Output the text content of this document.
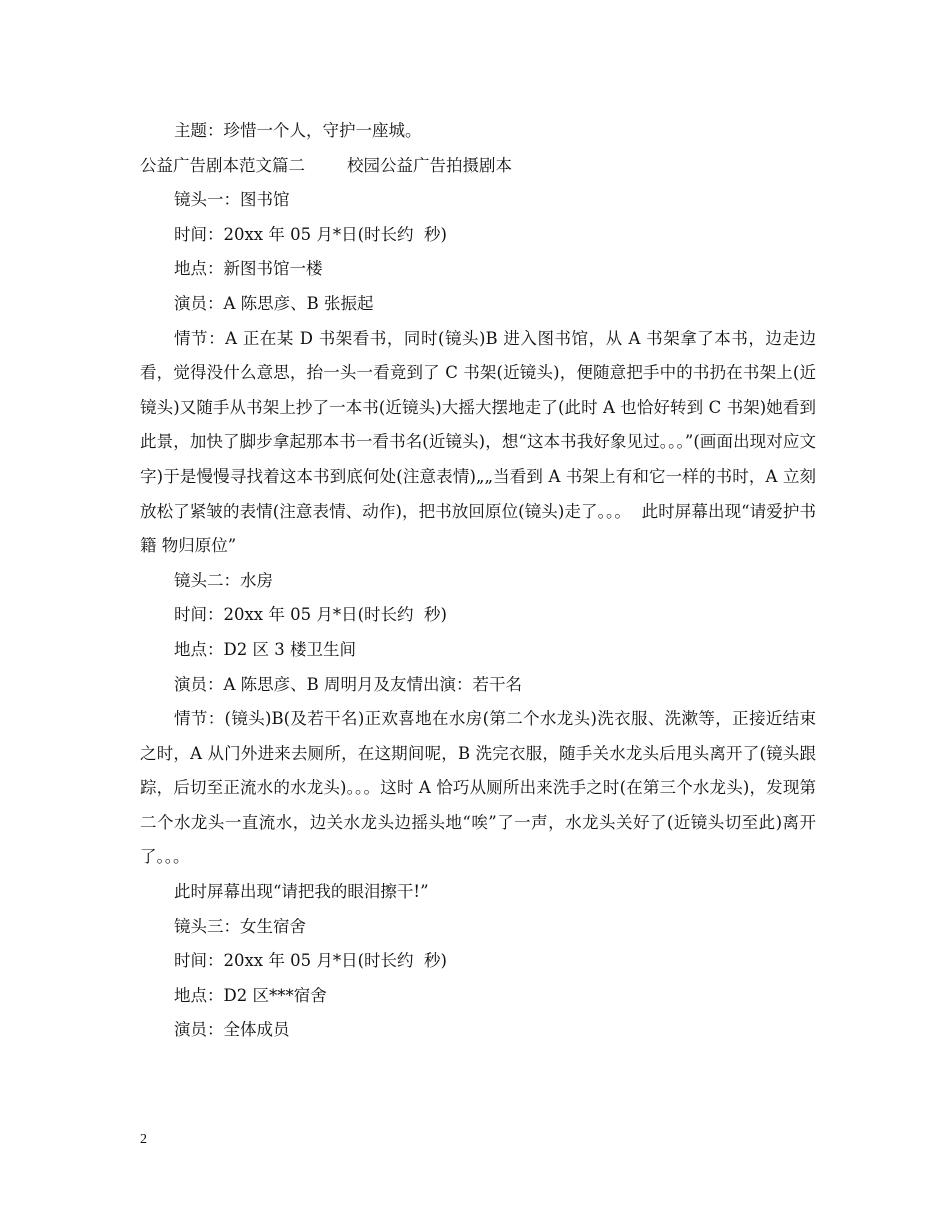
主题：珍惜一个人，守护一座城。

公益广告剧本范文篇二        校园公益广告拍摄剧本

镜头一：图书馆

时间：20xx 年 05 月*日(时长约  秒)

地点：新图书馆一楼

演员：A 陈思彦、B 张振起

情节：A 正在某 D 书架看书，同时(镜头)B 进入图书馆，从 A 书架拿了本书，边走边看，觉得没什么意思，抬一头一看竟到了 C 书架(近镜头)，便随意把手中的书扔在书架上(近镜头)又随手从书架上抄了一本书(近镜头)大摇大摆地走了(此时 A 也恰好转到 C 书架)她看到此景，加快了脚步拿起那本书一看书名(近镜头)，想“这本书我好象见过。。。”(画面出现对应文字)于是慢慢寻找着这本书到底何处(注意表情)„„当看到 A 书架上有和它一样的书时，A 立刻放松了紧皱的表情(注意表情、动作)，把书放回原位(镜头)走了。。。  此时屏幕出现“请爱护书籍 物归原位”

镜头二：水房

时间：20xx 年 05 月*日(时长约  秒)

地点：D2 区 3 楼卫生间

演员：A 陈思彦、B 周明月及友情出演：若干名

情节：(镜头)B(及若干名)正欢喜地在水房(第二个水龙头)洗衣服、洗漱等，正接近结束之时，A 从门外进来去厕所，在这期间呢，B 洗完衣服，随手关水龙头后甩头离开了(镜头跟踪，后切至正流水的水龙头)。。。这时 A 恰巧从厕所出来洗手之时(在第三个水龙头)，发现第二个水龙头一直流水，边关水龙头边摇头地“唉”了一声，水龙头关好了(近镜头切至此)离开了。。。

此时屏幕出现“请把我的眼泪擦干!”

镜头三：女生宿舍

时间：20xx 年 05 月*日(时长约  秒)

地点：D2 区***宿舍

演员：全体成员

2
